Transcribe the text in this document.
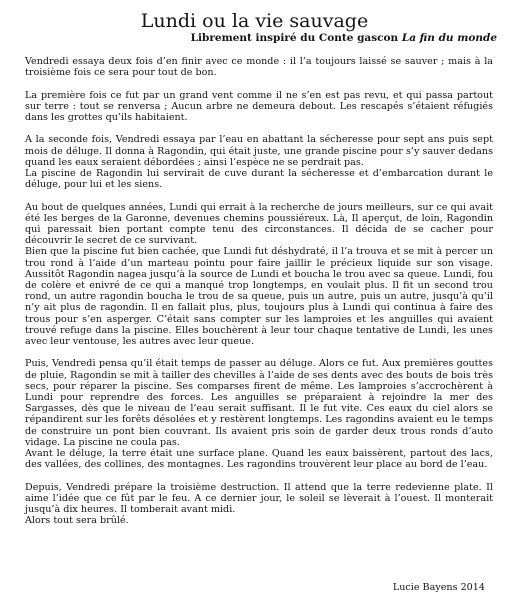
Lundi ou la vie sauvage
Librement inspiré du Conte gascon La fin du monde

Vendredi essaya deux fois d’en finir avec ce monde : il l’a toujours laissé se sauver ; mais à la troisième fois ce sera pour tout de bon.

La première fois ce fut par un grand vent comme il ne s’en est pas revu, et qui passa partout sur terre : tout se renversa ; Aucun arbre ne demeura debout. Les rescapés s’étaient réfugiés dans les grottes qu’ils habitaient.

A la seconde fois, Vendredi essaya par l’eau en abattant la sécheresse pour sept ans puis sept mois de déluge. Il donna à Ragondin, qui était juste, une grande piscine pour s’y sauver dedans quand les eaux seraient débordées ; ainsi l’espèce ne se perdrait pas.
La piscine de Ragondin lui servirait de cuve durant la sécheresse et d’embarcation durant le déluge, pour lui et les siens.

Au bout de quelques années, Lundi qui errait à la recherche de jours meilleurs, sur ce qui avait été les berges de la Garonne, devenues chemins poussiéreux. Là, Il aperçut, de loin, Ragondin qui paressait bien portant compte tenu des circonstances. Il décida de se cacher pour découvrir le secret de ce survivant.
Bien que la piscine fut bien cachée, que Lundi fut déshydraté, il l’a trouva et se mit à percer un trou rond à l’aide d’un marteau pointu pour faire jaillir le précieux liquide sur son visage. Aussitôt Ragondin nagea jusqu’à la source de Lundi et boucha le trou avec sa queue. Lundi, fou de colère et enivré de ce qui a manqué trop longtemps, en voulait plus. Il fit un second trou rond, un autre ragondin boucha le trou de sa queue, puis un autre, puis un autre, jusqu’à qu’il n’y ait plus de ragondin. Il en fallait plus, plus, toujours plus à Lundi qui continua à faire des trous pour s’en asperger. C’était sans compter sur les lamproies et les anguilles qui avaient trouvé refuge dans la piscine. Elles bouchèrent à leur tour chaque tentative de Lundi, les unes avec leur ventouse, les autres avec leur queue.

Puis, Vendredi pensa qu’il était temps de passer au déluge. Alors ce fut. Aux premières gouttes de pluie, Ragondin se mit à tailler des chevilles à l’aide de ses dents avec des bouts de bois très secs, pour réparer la piscine. Ses comparses firent de même. Les lamproies s’accrochèrent à Lundi pour reprendre des forces. Les anguilles se préparaient à rejoindre la mer des Sargasses, dès que le niveau de l’eau serait suffisant. Il le fut vite. Ces eaux du ciel alors se répandirent sur les forêts désolées et y restèrent longtemps. Les ragondins avaient eu le temps de construire un pont bien couvrant. Ils avaient pris soin de garder deux trous ronds d’auto vidage. La piscine ne coula pas.
Avant le déluge, la terre était une surface plane. Quand les eaux baissèrent, partout des lacs, des vallées, des collines, des montagnes. Les ragondins trouvèrent leur place au bord de l’eau.

Depuis, Vendredi prépare la troisième destruction. Il attend que la terre redevienne plate. Il aime l’idée que ce fût par le feu. A ce dernier jour, le soleil se lèverait à l’ouest. Il monterait jusqu’à dix heures. Il tomberait avant midi.
Alors tout sera brûlé.

Lucie Bayens 2014
